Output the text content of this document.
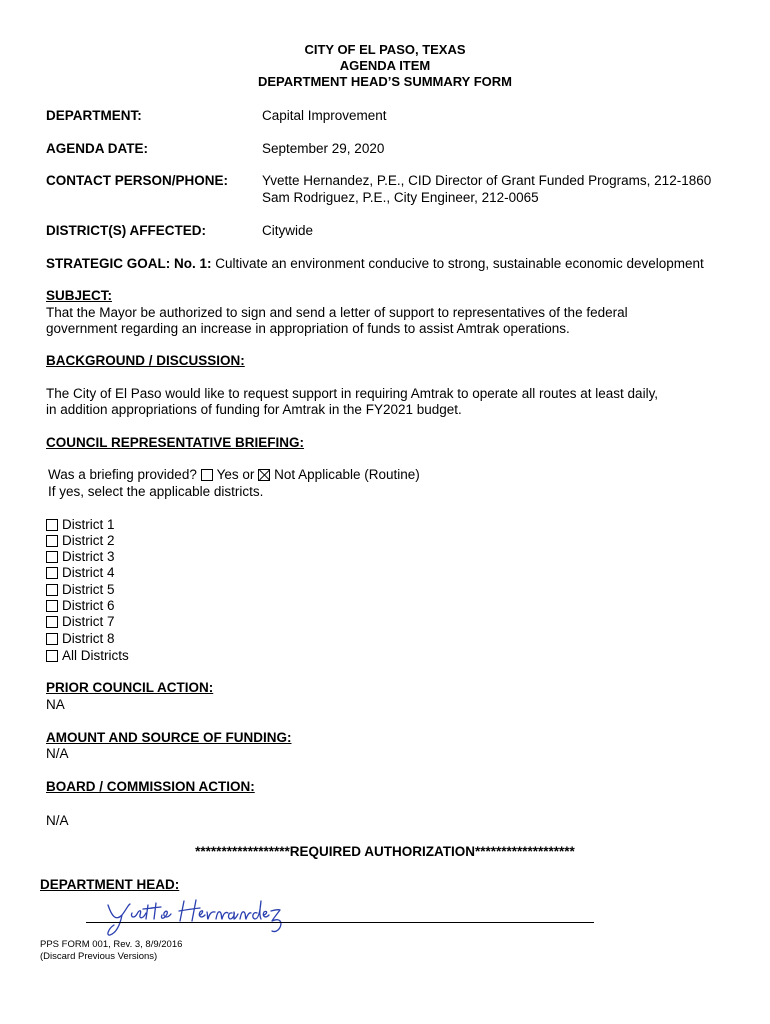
CITY OF EL PASO, TEXAS
AGENDA ITEM
DEPARTMENT HEAD’S SUMMARY FORM
DEPARTMENT:	Capital Improvement
AGENDA DATE:	September 29, 2020
CONTACT PERSON/PHONE:	Yvette Hernandez, P.E., CID Director of Grant Funded Programs, 212-1860
Sam Rodriguez, P.E., City Engineer, 212-0065
DISTRICT(S) AFFECTED:	Citywide
STRATEGIC GOAL: No. 1: Cultivate an environment conducive to strong, sustainable economic development
SUBJECT:
That the Mayor be authorized to sign and send a letter of support to representatives of the federal
government regarding an increase in appropriation of funds to assist Amtrak operations.
BACKGROUND / DISCUSSION:
The City of El Paso would like to request support in requiring Amtrak to operate all routes at least daily,
in addition appropriations of funding for Amtrak in the FY2021 budget.
COUNCIL REPRESENTATIVE BRIEFING:
Was a briefing provided? Yes or Not Applicable (Routine)
If yes, select the applicable districts.
District 1
District 2
District 3
District 4
District 5
District 6
District 7
District 8
All Districts
PRIOR COUNCIL ACTION:
NA
AMOUNT AND SOURCE OF FUNDING:
N/A
BOARD / COMMISSION ACTION:
N/A
******************REQUIRED AUTHORIZATION*******************
DEPARTMENT HEAD:
PPS FORM 001, Rev. 3, 8/9/2016
(Discard Previous Versions)
